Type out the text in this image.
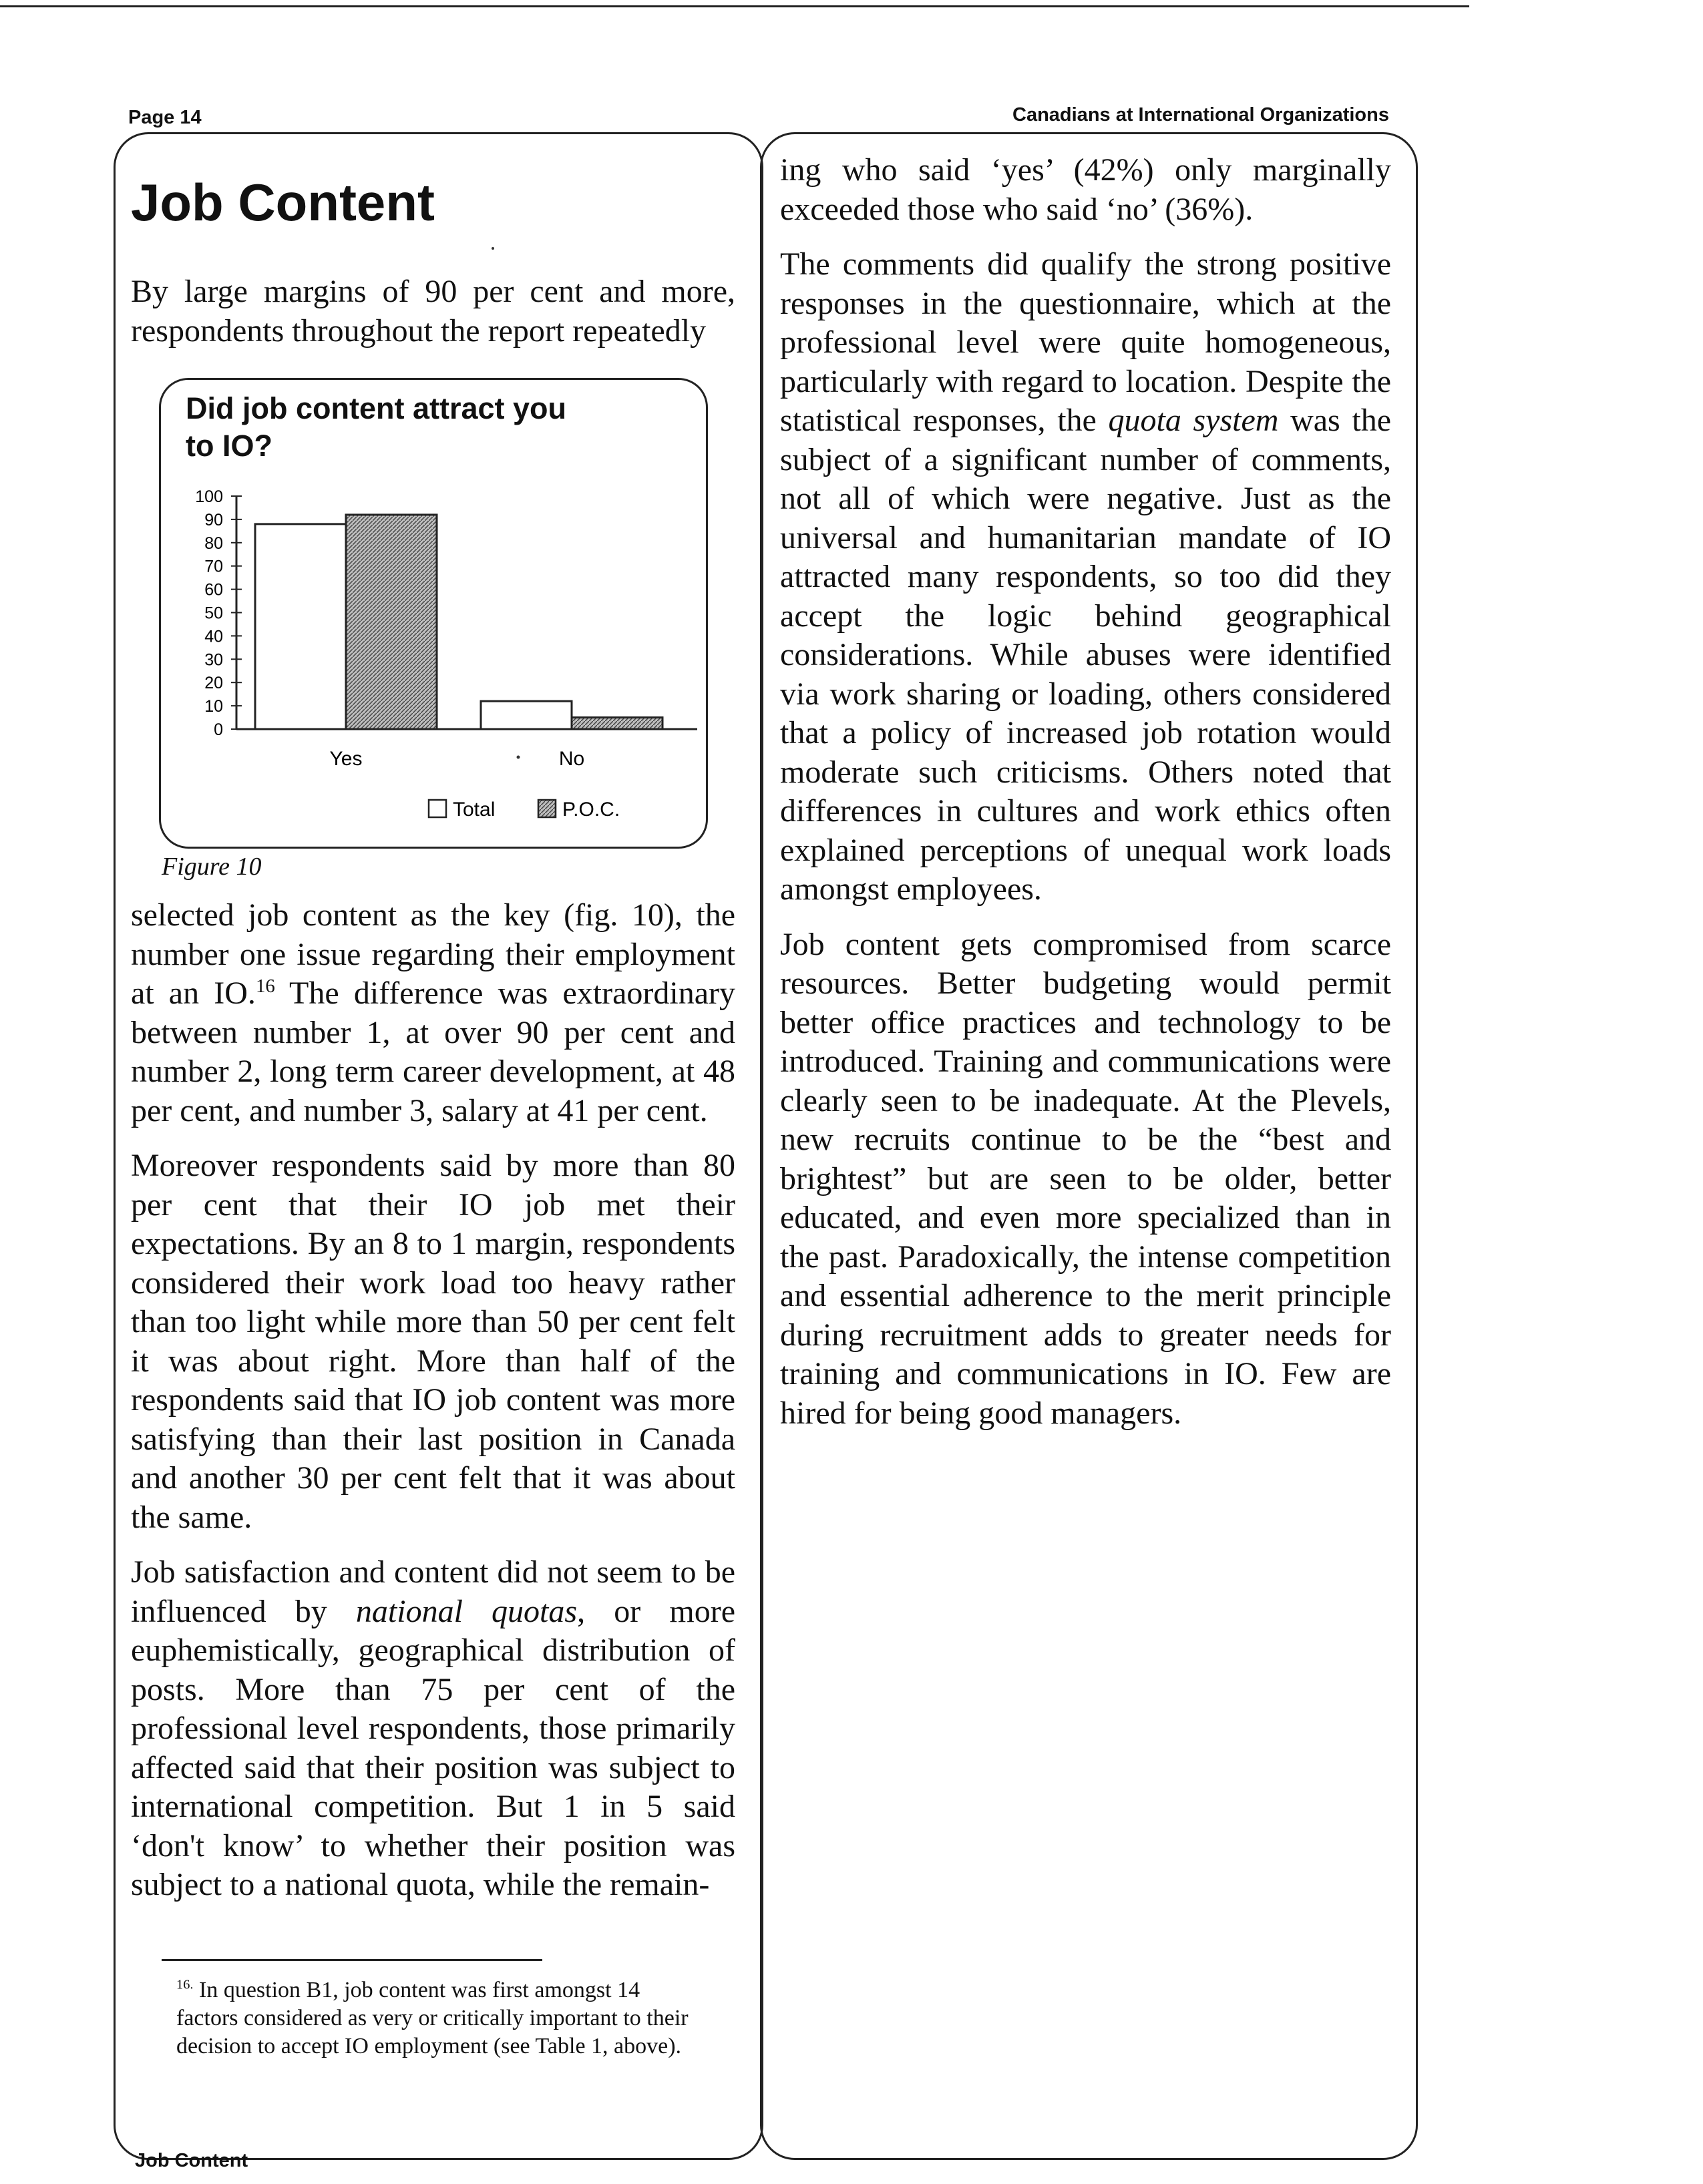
Page 14	Canadians at International Organizations
Job Content

By large margins of 90 per cent and more, respondents throughout the report repeatedly

Did job content attract you to IO?
0
10
20
30
40
50
60
70
80
90
100
Yes	No
Total	P.O.C.
Figure 10

selected job content as the key (fig. 10), the number one issue regarding their employment at an IO.$^{16}$ The difference was extraordinary between number 1, at over 90 per cent and number 2, long term career development, at 48 per cent, and number 3, salary at 41 per cent.

Moreover respondents said by more than 80 per cent that their IO job met their expectations. By an 8 to 1 margin, respondents considered their work load too heavy rather than too light while more than 50 per cent felt it was about right. More than half of the respondents said that IO job content was more satisfying than their last position in Canada and another 30 per cent felt that it was about the same.

Job satisfaction and content did not seem to be influenced by national quotas, or more euphemistically, geographical distribution of posts. More than 75 per cent of the professional level respondents, those primarily affected said that their position was subject to international competition. But 1 in 5 said ‘don't know’ to whether their position was subject to a national quota, while the remain-

$^{16.}$ In question B1, job content was first amongst 14 factors considered as very or critically important to their decision to accept IO employment (see Table 1, above).

ing who said ‘yes’ (42%) only marginally exceeded those who said ‘no’ (36%).

The comments did qualify the strong positive responses in the questionnaire, which at the professional level were quite homogeneous, particularly with regard to location. Despite the statistical responses, the quota system was the subject of a significant number of comments, not all of which were negative. Just as the universal and humanitarian mandate of IO attracted many respondents, so too did they accept the logic behind geographical considerations. While abuses were identified via work sharing or loading, others considered that a policy of increased job rotation would moderate such criticisms. Others noted that differences in cultures and work ethics often explained perceptions of unequal work loads amongst employees.

Job content gets compromised from scarce resources. Better budgeting would permit better office practices and technology to be introduced. Training and communications were clearly seen to be inadequate. At the Plevels, new recruits continue to be the “best and brightest” but are seen to be older, better educated, and even more specialized than in the past. Paradoxically, the intense competition and essential adherence to the merit principle during recruitment adds to greater needs for training and communications in IO. Few are hired for being good managers.

Job Content
